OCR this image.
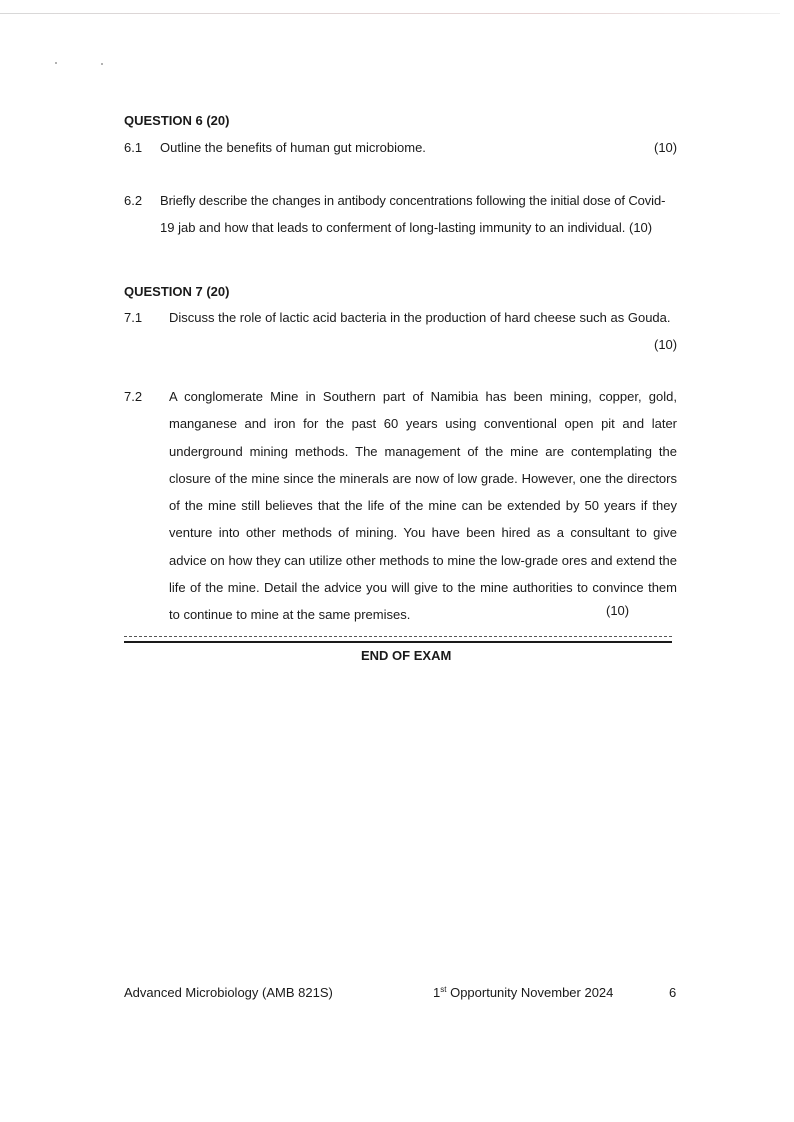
QUESTION 6 (20)
6.1 Outline the benefits of human gut microbiome.	(10)
6.2 Briefly describe the changes in antibody concentrations following the initial dose of Covid-
19 jab and how that leads to conferment of long-lasting immunity to an individual. (10)
QUESTION 7 (20)
7.1 Discuss the role of lactic acid bacteria in the production of hard cheese such as Gouda.
(10)
7.2 A conglomerate Mine in Southern part of Namibia has been mining, copper, gold, manganese and iron for the past 60 years using conventional open pit and later underground mining methods. The management of the mine are contemplating the closure of the mine since the minerals are now of low grade. However, one the directors of the mine still believes that the life of the mine can be extended by 50 years if they venture into other methods of mining. You have been hired as a consultant to give advice on how they can utilize other methods to mine the low-grade ores and extend the life of the mine. Detail the advice you will give to the mine authorities to convince them to continue to mine at the same premises.	(10)
END OF EXAM
Advanced Microbiology (AMB 821S)	1st Opportunity November 2024	6
